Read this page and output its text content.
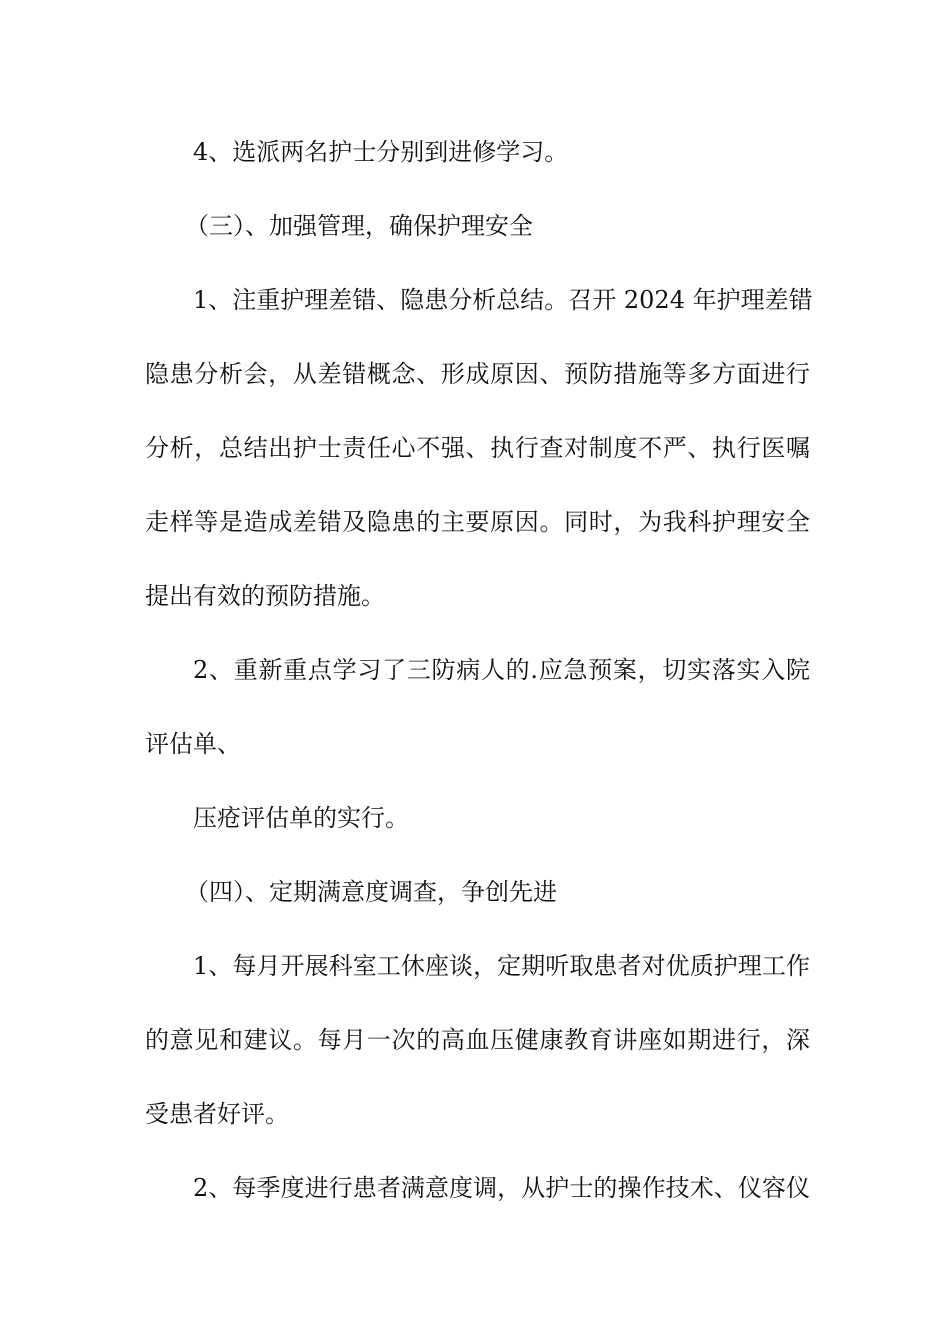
4、选派两名护士分别到进修学习。
（三）、加强管理，确保护理安全
1、注重护理差错、隐患分析总结。召开 2024 年护理差错
隐患分析会，从差错概念、形成原因、预防措施等多方面进行
分析，总结出护士责任心不强、执行查对制度不严、执行医嘱
走样等是造成差错及隐患的主要原因。同时，为我科护理安全
提出有效的预防措施。
2、重新重点学习了三防病人的.应急预案，切实落实入院
评估单、
压疮评估单的实行。
（四）、定期满意度调查，争创先进
1、每月开展科室工休座谈，定期听取患者对优质护理工作
的意见和建议。每月一次的高血压健康教育讲座如期进行，深
受患者好评。
2、每季度进行患者满意度调，从护士的操作技术、仪容仪
